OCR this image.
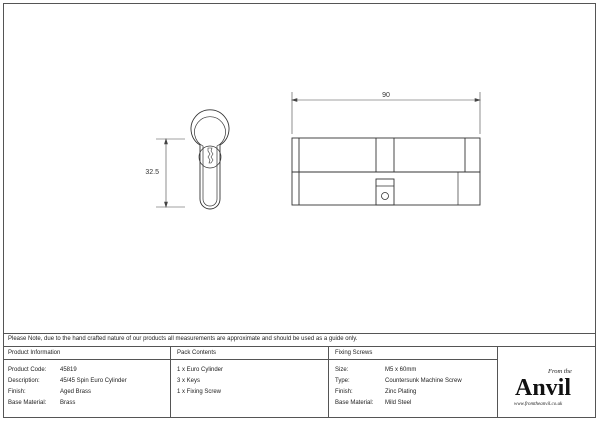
32.5
90
Please Note, due to the hand crafted nature of our products all measurements are approximate and should be used as a guide only.
Product Information
Product Code: 45819
Description:	45/45 Spin Euro Cylinder
Finish:	Aged Brass
Base Material: Brass
Pack Contents
1 x Euro Cylinder
3 x Keys
1 x Fixing Screw
Fixing Screws
Size:	M5 x 60mm
Type:	Countersunk Machine Screw
Finish:	Zinc Plating
Base Material: Mild Steel
From the
Anvil
www.fromtheanvil.co.uk
